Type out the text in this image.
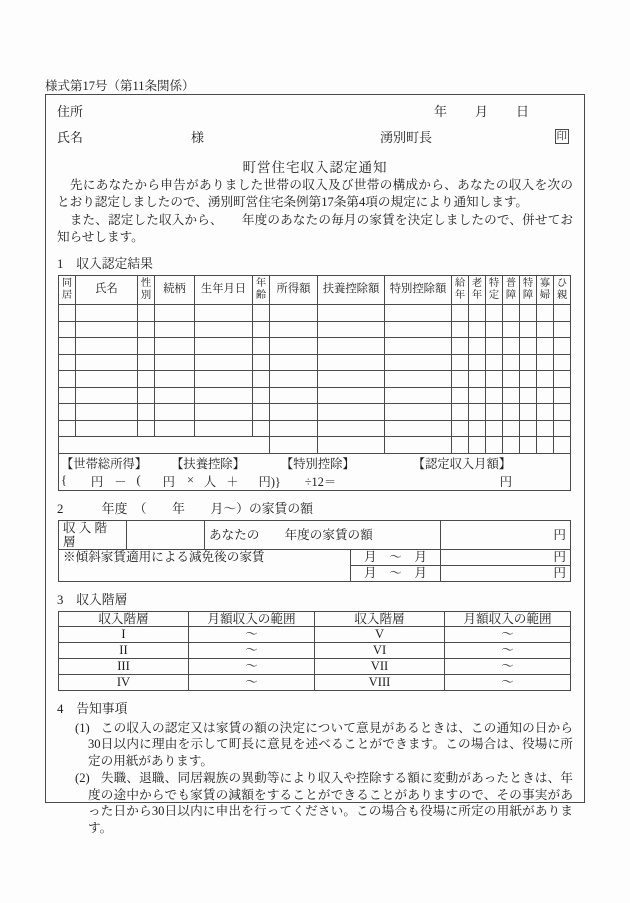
様式第17号（第11条関係）
住所	年 月 日
氏名	様	湧別町長	印
町営住宅収入認定通知
　先にあなたから申告がありました世帯の収入及び世帯の構成から、あなたの収入を次のとおり認定しましたので、湧別町営住宅条例第17条第4項の規定により通知します。
　また、認定した収入から、　　年度のあなたの毎月の家賃を決定しましたので、併せてお知らせします。
1　収入認定結果
同居	氏名	性別	続柄	生年月日	年齢	所得額	扶養控除額	特別控除額	給年	老年	特定	普障	特障	寡婦	ひ親

【世帯総所得】 【扶養控除】 【特別控除】 【認定収入月額】															

{ 円 － ( 円 × 人 ＋ 円)} ÷12＝	円
2　　　年度　（　　年　　月～）の家賃の額
収 入 階 層		あなたの　　年度の家賃の額		円
※傾斜家賃適用による減免後の家賃			月　～　月	円
			月　～　月	円
3　収入階層
収入階層	月額収入の範囲	収入階層	月額収入の範囲
I	～	V	～
II	～	VI	～
III	～	VII	～
IV	～	VIII	～
4　告知事項
(1) この収入の認定又は家賃の額の決定について意見があるときは、この通知の日から30日以内に理由を示して町長に意見を述べることができます。この場合は、役場に所定の用紙があります。
(2) 失職、退職、同居親族の異動等により収入や控除する額に変動があったときは、年度の途中からでも家賃の減額をすることができることがありますので、その事実があった日から30日以内に申出を行ってください。この場合も役場に所定の用紙があります。
